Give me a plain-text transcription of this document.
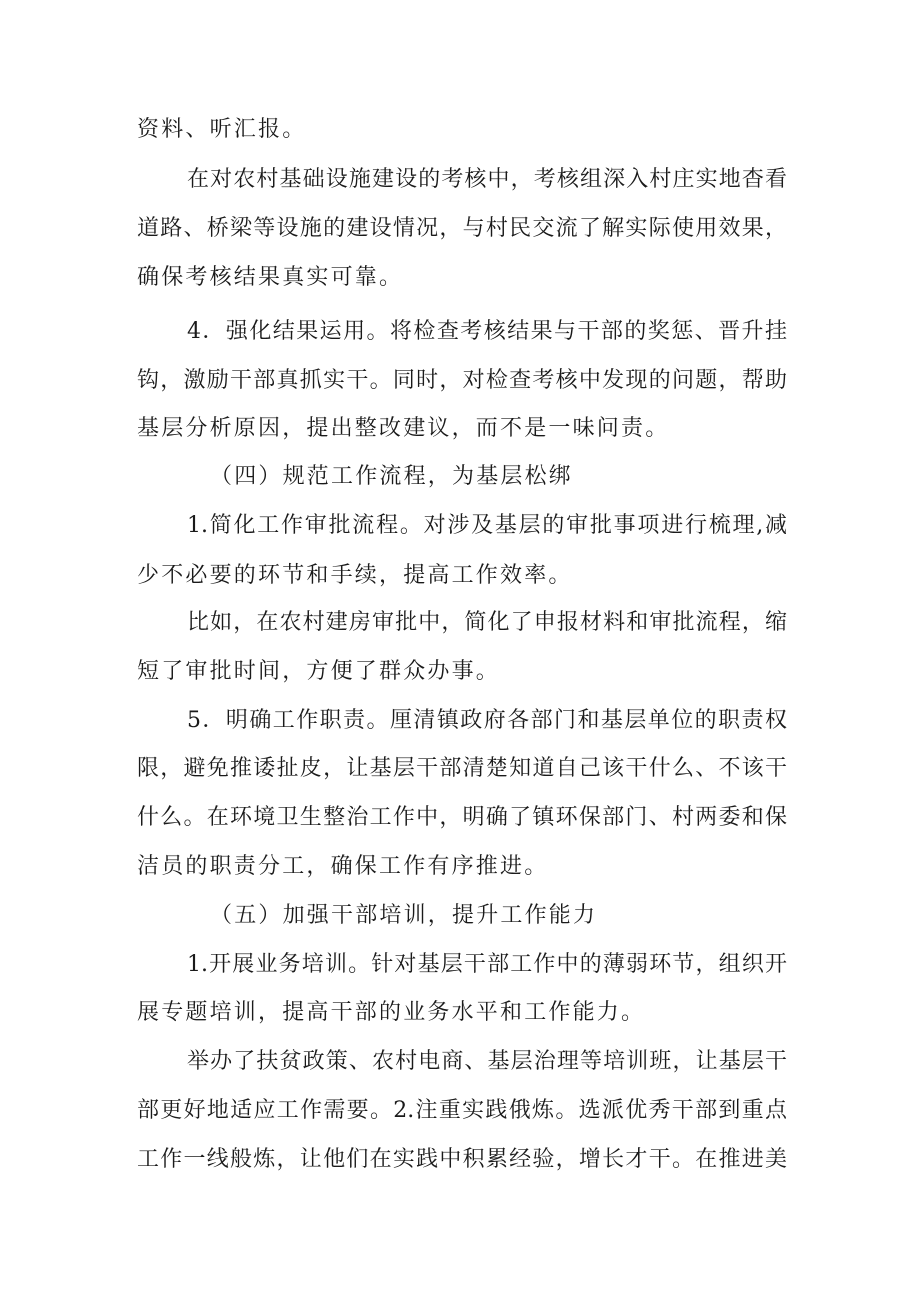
资料、听汇报。
在对农村基础设施建设的考核中，考核组深入村庄实地杳看
道路、桥梁等设施的建设情况，与村民交流了解实际使用效果，
确保考核结果真实可靠。
4．强化结果运用。将检查考核结果与干部的奖惩、晋升挂
钩，激励干部真抓实干。同时，对检查考核中发现的问题，帮助
基层分析原因，提出整改建议，而不是一味问责。
（四）规范工作流程，为基层松绑
1.简化工作审批流程。对涉及基层的审批事项进行梳理,减
少不必要的环节和手续，提高工作效率。
比如，在农村建房审批中，简化了申报材料和审批流程，缩
短了审批时间，方便了群众办事。
5．明确工作职责。厘清镇政府各部门和基层单位的职责权
限，避免推诿扯皮，让基层干部清楚知道自己该干什么、不该干
什么。在环境卫生整治工作中，明确了镇环保部门、村两委和保
洁员的职责分工，确保工作有序推进。
（五）加强干部培训，提升工作能力
1.开展业务培训。针对基层干部工作中的薄弱环节，组织开
展专题培训，提高干部的业务水平和工作能力。
举办了扶贫政策、农村电商、基层治理等培训班，让基层干
部更好地适应工作需要。2.注重实践俄炼。选派优秀干部到重点
工作一线般炼，让他们在实践中积累经验，增长才干。在推进美
